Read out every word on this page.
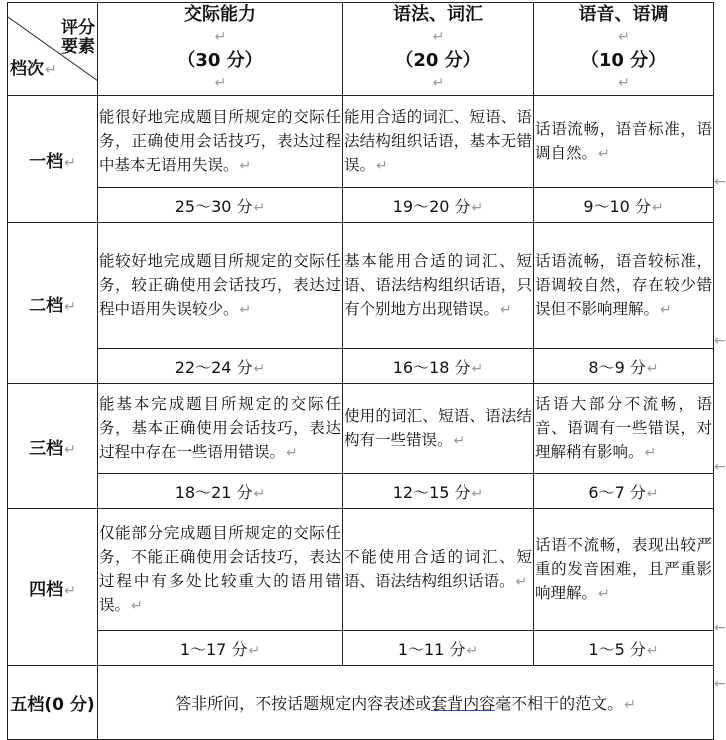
评分
要素
档次↵	交际能力
↵
（30 分）
↵	语法、词汇
↵
（20 分）
↵	语音、语调
↵
（10 分）
↵

一档↵	能很好地完成题目所规定的交际任务，正确使用会话技巧，表达过程中基本无语用失误。↵	能用合适的词汇、短语、语法结构组织话语，基本无错误。↵	话语流畅，语音标准，语调自然。↵
	25～30 分↵	19～20 分↵	9～10 分↵
二档↵	能较好地完成题目所规定的交际任务，较正确使用会话技巧，表达过程中语用失误较少。↵	基本能用合适的词汇、短语、语法结构组织话语，只有个别地方出现错误。↵	话语流畅，语音较标准，语调较自然，存在较少错误但不影响理解。↵
	22～24 分↵	16～18 分↵	8～9 分↵
三档↵	能基本完成题目所规定的交际任务，基本正确使用会话技巧，表达过程中存在一些语用错误。↵	使用的词汇、短语、语法结构有一些错误。↵	话语大部分不流畅，语音、语调有一些错误，对理解稍有影响。↵
	18～21 分↵	12～15 分↵	6～7 分↵
四档↵	仅能部分完成题目所规定的交际任务，不能正确使用会话技巧，表达过程中有多处比较重大的语用错误。↵	不能使用合适的词汇、短语、语法结构组织话语。↵	话语不流畅，表现出较严重的发音困难，且严重影响理解。↵
	1～17 分↵	1～11 分↵	1～5 分↵
五档(0 分)	答非所问，不按话题规定内容表述或套背内容毫不相干的范文。↵		
←
←
←
←
←
